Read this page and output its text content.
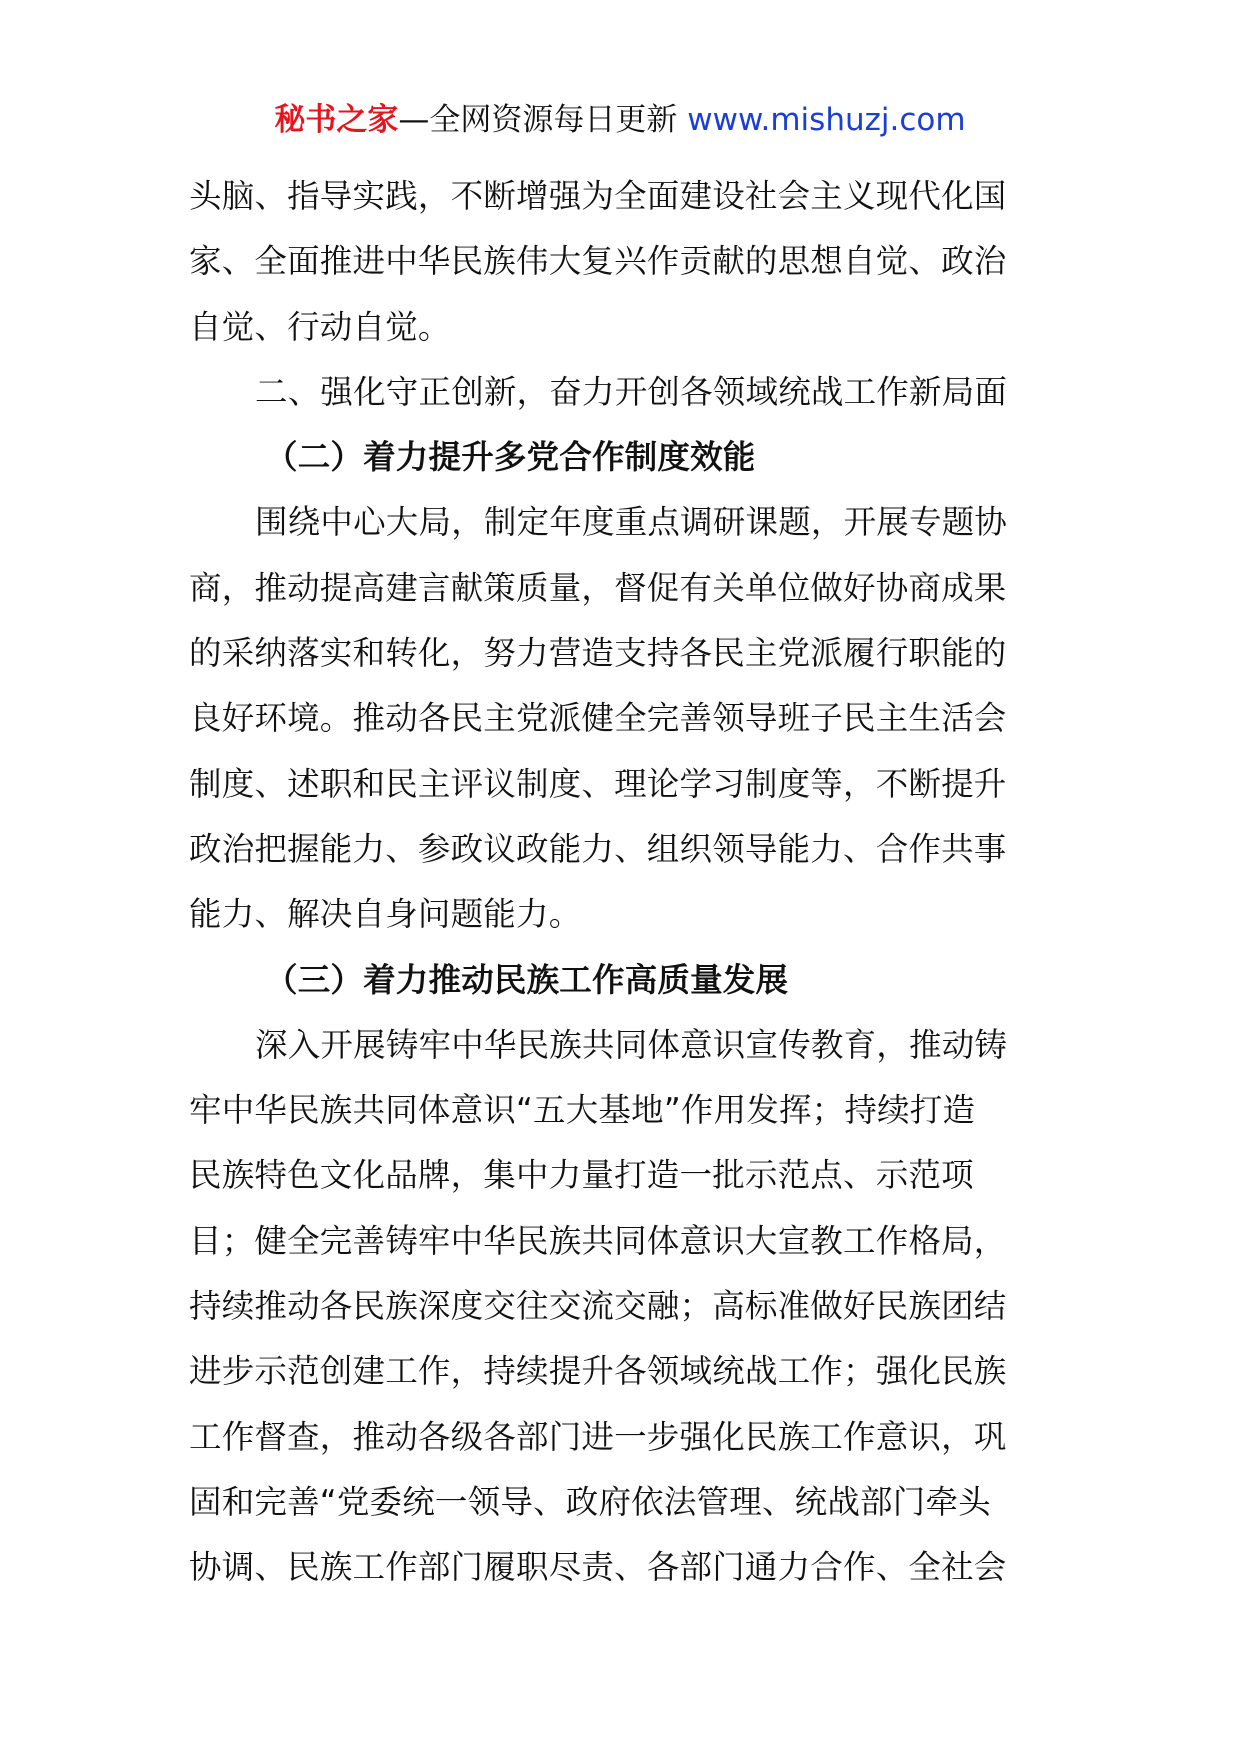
秘书之家—全网资源每日更新 www.mishuzj.com
头脑、指导实践，不断增强为全面建设社会主义现代化国
家、全面推进中华民族伟大复兴作贡献的思想自觉、政治
自觉、行动自觉。
二、强化守正创新，奋力开创各领域统战工作新局面
（二）着力提升多党合作制度效能
围绕中心大局，制定年度重点调研课题，开展专题协
商，推动提高建言献策质量，督促有关单位做好协商成果
的采纳落实和转化，努力营造支持各民主党派履行职能的
良好环境。推动各民主党派健全完善领导班子民主生活会
制度、述职和民主评议制度、理论学习制度等，不断提升
政治把握能力、参政议政能力、组织领导能力、合作共事
能力、解决自身问题能力。
（三）着力推动民族工作高质量发展
深入开展铸牢中华民族共同体意识宣传教育，推动铸
牢中华民族共同体意识“五大基地”作用发挥；持续打造
民族特色文化品牌，集中力量打造一批示范点、示范项
目；健全完善铸牢中华民族共同体意识大宣教工作格局，
持续推动各民族深度交往交流交融；高标准做好民族团结
进步示范创建工作，持续提升各领域统战工作；强化民族
工作督查，推动各级各部门进一步强化民族工作意识，巩
固和完善“党委统一领导、政府依法管理、统战部门牵头
协调、民族工作部门履职尽责、各部门通力合作、全社会
